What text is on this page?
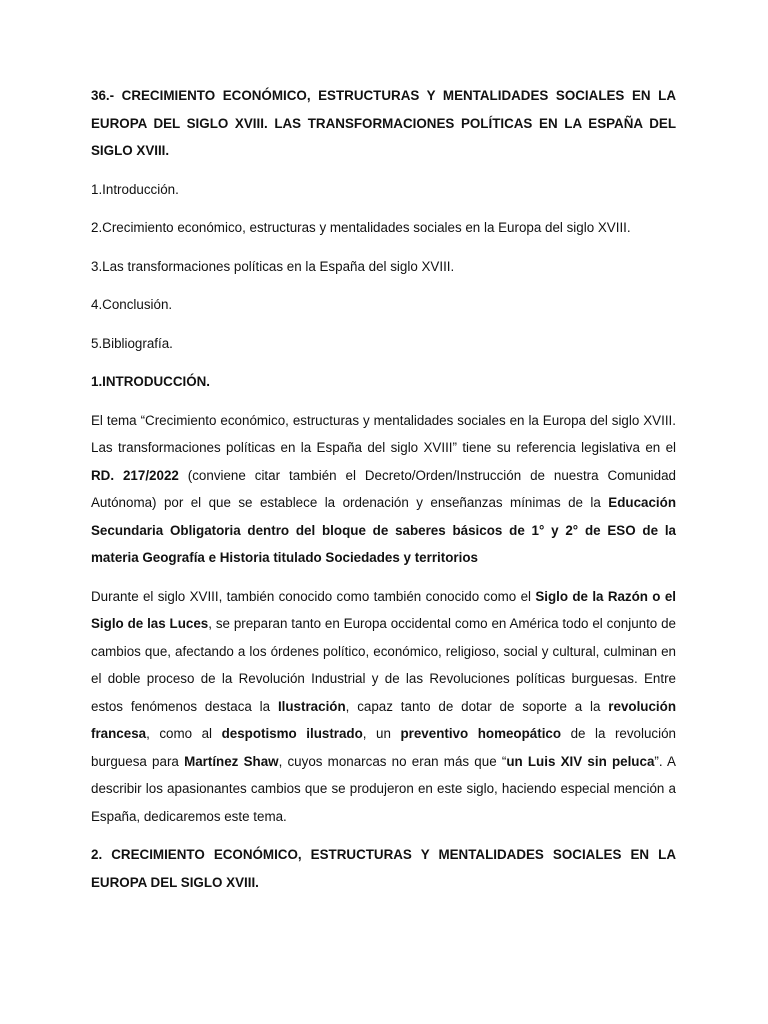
36.- CRECIMIENTO ECONÓMICO, ESTRUCTURAS Y MENTALIDADES SOCIALES EN LA EUROPA DEL SIGLO XVIII. LAS TRANSFORMACIONES POLÍTICAS EN LA ESPAÑA DEL SIGLO XVIII.

1.Introducción.

2.Crecimiento económico, estructuras y mentalidades sociales en la Europa del siglo XVIII.

3.Las transformaciones políticas en la España del siglo XVIII.

4.Conclusión.

5.Bibliografía.

1.INTRODUCCIÓN.

El tema “Crecimiento económico, estructuras y mentalidades sociales en la Europa del siglo XVIII. Las transformaciones políticas en la España del siglo XVIII” tiene su referencia legislativa en el RD. 217/2022 (conviene citar también el Decreto/Orden/Instrucción de nuestra Comunidad Autónoma) por el que se establece la ordenación y enseñanzas mínimas de la Educación Secundaria Obligatoria dentro del bloque de saberes básicos de 1° y 2° de ESO de la materia Geografía e Historia titulado Sociedades y territorios

Durante el siglo XVIII, también conocido como también conocido como el Siglo de la Razón o el Siglo de las Luces, se preparan tanto en Europa occidental como en América todo el conjunto de cambios que, afectando a los órdenes político, económico, religioso, social y cultural, culminan en el doble proceso de la Revolución Industrial y de las Revoluciones políticas burguesas. Entre estos fenómenos destaca la Ilustración, capaz tanto de dotar de soporte a la revolución francesa, como al despotismo ilustrado, un preventivo homeopático de la revolución burguesa para Martínez Shaw, cuyos monarcas no eran más que “un Luis XIV sin peluca”. A describir los apasionantes cambios que se produjeron en este siglo, haciendo especial mención a España, dedicaremos este tema.

2. CRECIMIENTO ECONÓMICO, ESTRUCTURAS Y MENTALIDADES SOCIALES EN LA EUROPA DEL SIGLO XVIII.
